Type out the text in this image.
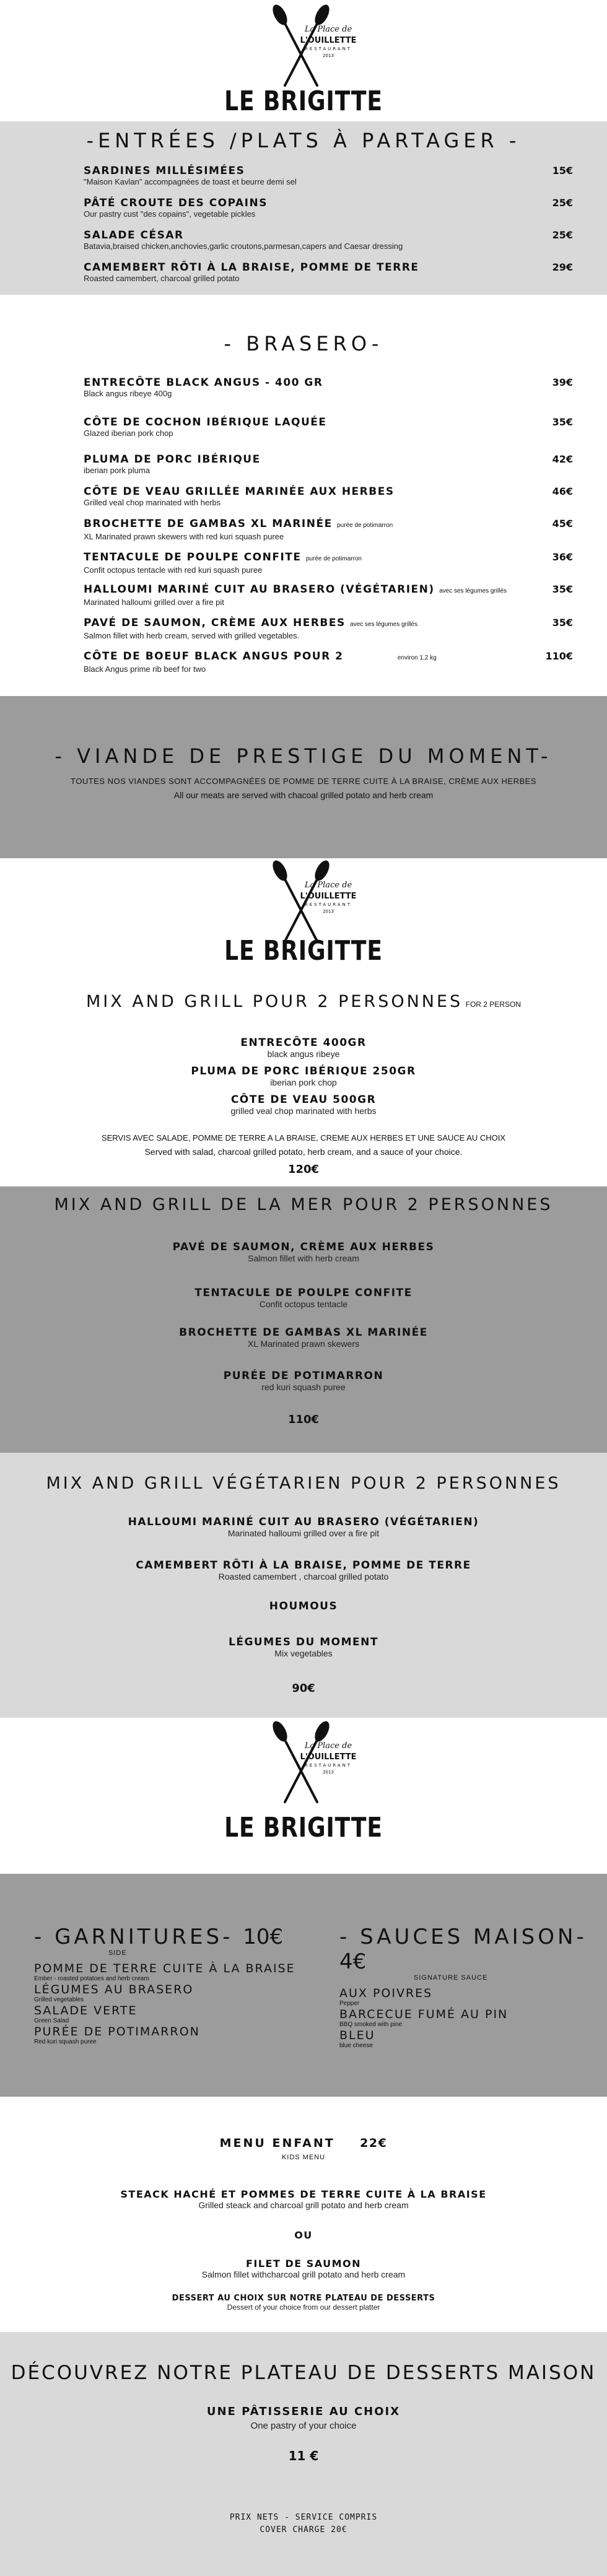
La Place de
L'OUILLETTE
RESTAURANT
2013
LE BRIGITTE
-ENTRÉES /PLATS À PARTAGER -
SARDINES MILLÉSIMÉES
"Maison Kavlan" accompagnées de toast et beurre demi sel
15€
PÂTÉ CROUTE DES COPAINS
Our pastry cust "des copains", vegetable pickles
25€
SALADE CÉSAR
Batavia,braised chicken,anchovies,garlic croutons,parmesan,capers and Caesar dressing
25€
CAMEMBERT RÔTI À LA BRAISE, POMME DE TERRE
Roasted camembert, charcoal grilled potato
29€
- BRASERO-
ENTRECÔTE BLACK ANGUS - 400 GR
Black angus ribeye 400g
39€
CÔTE DE COCHON IBÉRIQUE LAQUÉE
Glazed iberian pork chop
35€
PLUMA DE PORC IBÉRIQUE
iberian pork pluma
42€
CÔTE DE VEAU GRILLÉE MARINÉE AUX HERBES
Grilled veal chop marinated with herbs
46€
BROCHETTE DE GAMBAS XL MARINÉE purée de potimarron
XL Marinated prawn skewers with red kuri squash puree
45€
TENTACULE DE POULPE CONFITE purée de potimarron
Confit octopus tentacle with red kuri squash puree
36€
HALLOUMI MARINÉ CUIT AU BRASERO (VÉGÉTARIEN) avec ses légumes grillés
Marinated halloumi grilled over a fire pit
35€
PAVÉ DE SAUMON, CRÈME AUX HERBES avec ses légumes grillés
Salmon fillet with herb cream, served with grilled vegetables.
35€
CÔTE DE BOEUF BLACK ANGUS POUR 2	environ 1,2 kg
Black Angus prime rib beef for two
110€
- VIANDE DE PRESTIGE DU MOMENT-
TOUTES NOS VIANDES SONT ACCOMPAGNÉES DE POMME DE TERRE CUITE À LA BRAISE, CRÈME AUX HERBES
All our meats are served with chacoal grilled potato and herb cream
La Place de
L'OUILLETTE
RESTAURANT
2013
LE BRIGITTE
MIX AND GRILL POUR 2 PERSONNES FOR 2 PERSON
ENTRECÔTE 400GR
black angus ribeye
PLUMA DE PORC IBÉRIQUE 250GR
iberian pork chop
CÔTE DE VEAU 500GR
grilled veal chop marinated with herbs
SERVIS AVEC SALADE, POMME DE TERRE A LA BRAISE, CREME AUX HERBES ET UNE SAUCE AU CHOIX
Served with salad, charcoal grilled potato, herb cream, and a sauce of your choice.
120€
MIX AND GRILL DE LA MER POUR 2 PERSONNES
PAVÉ DE SAUMON, CRÈME AUX HERBES
Salmon fillet with herb cream
TENTACULE DE POULPE CONFITE
Confit octopus tentacle
BROCHETTE DE GAMBAS XL MARINÉE
XL Marinated prawn skewers
PURÉE DE POTIMARRON
red kuri squash puree
110€
MIX AND GRILL VÉGÉTARIEN POUR 2 PERSONNES
HALLOUMI MARINÉ CUIT AU BRASERO (VÉGÉTARIEN)
Marinated halloumi grilled over a fire pit
CAMEMBERT RÔTI À LA BRAISE, POMME DE TERRE
Roasted camembert , charcoal grilled potato
HOUMOUS
LÉGUMES DU MOMENT
Mix vegetables
90€
La Place de
L'OUILLETTE
RESTAURANT
2013
LE BRIGITTE
- GARNITURES- 10€
SIDE
POMME DE TERRE CUITE À LA BRAISE
Ember - roasted potatoes and herb cream
LÉGUMES AU BRASERO
Grilled vegetables
SALADE VERTE
Green Salad
PURÉE DE POTIMARRON
Red kuri squash puree
- SAUCES MAISON- 4€
SIGNATURE SAUCE
AUX POIVRES
Pepper
BARCECUE FUMÉ AU PIN
BBQ smoked with pine
BLEU
blue cheese
MENU ENFANT 22€
KIDS MENU
STEACK HACHÉ ET POMMES DE TERRE CUITE À LA BRAISE
Grilled steack and charcoal grill potato and herb cream
OU
FILET DE SAUMON
Salmon fillet withcharcoal grill potato and herb cream
DESSERT AU CHOIX SUR NOTRE PLATEAU DE DESSERTS
Dessert of your choice from our dessert platter
DÉCOUVREZ NOTRE PLATEAU DE DESSERTS MAISON
UNE PÂTISSERIE AU CHOIX
One pastry of your choice
11 €
PRIX NETS - SERVICE COMPRIS
COVER CHARGE 20€
